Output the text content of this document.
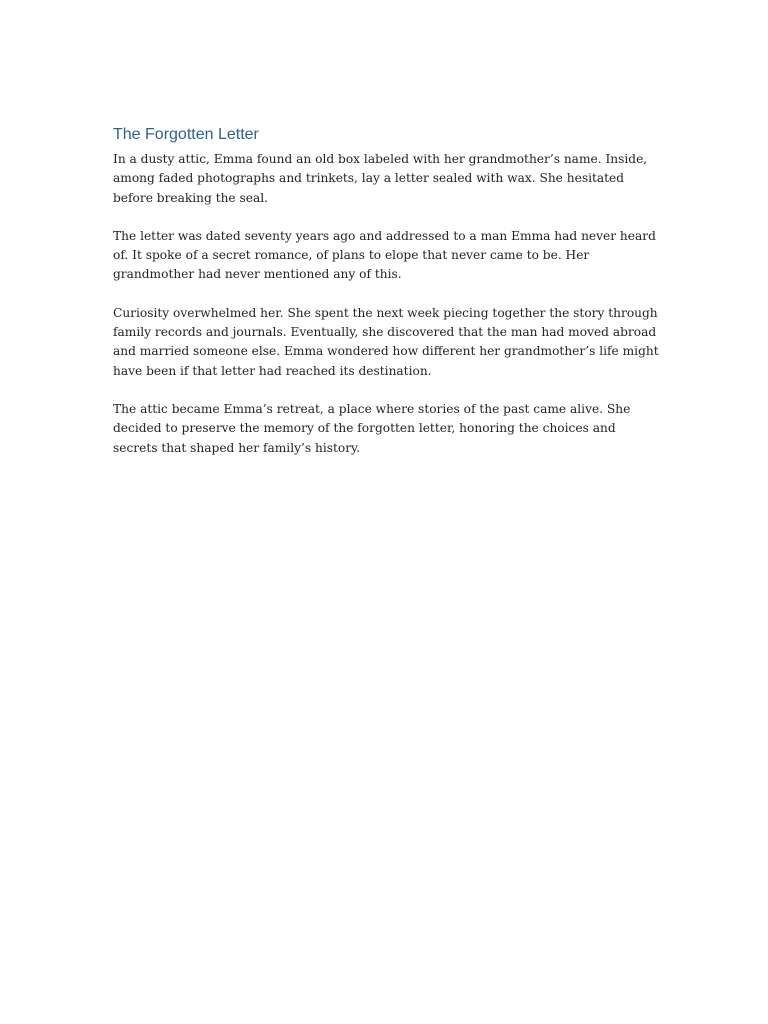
The Forgotten Letter

In a dusty attic, Emma found an old box labeled with her grandmother’s name. Inside, among faded photographs and trinkets, lay a letter sealed with wax. She hesitated before breaking the seal.

The letter was dated seventy years ago and addressed to a man Emma had never heard of. It spoke of a secret romance, of plans to elope that never came to be. Her grandmother had never mentioned any of this.

Curiosity overwhelmed her. She spent the next week piecing together the story through family records and journals. Eventually, she discovered that the man had moved abroad and married someone else. Emma wondered how different her grandmother’s life might have been if that letter had reached its destination.

The attic became Emma’s retreat, a place where stories of the past came alive. She decided to preserve the memory of the forgotten letter, honoring the choices and secrets that shaped her family’s history.
